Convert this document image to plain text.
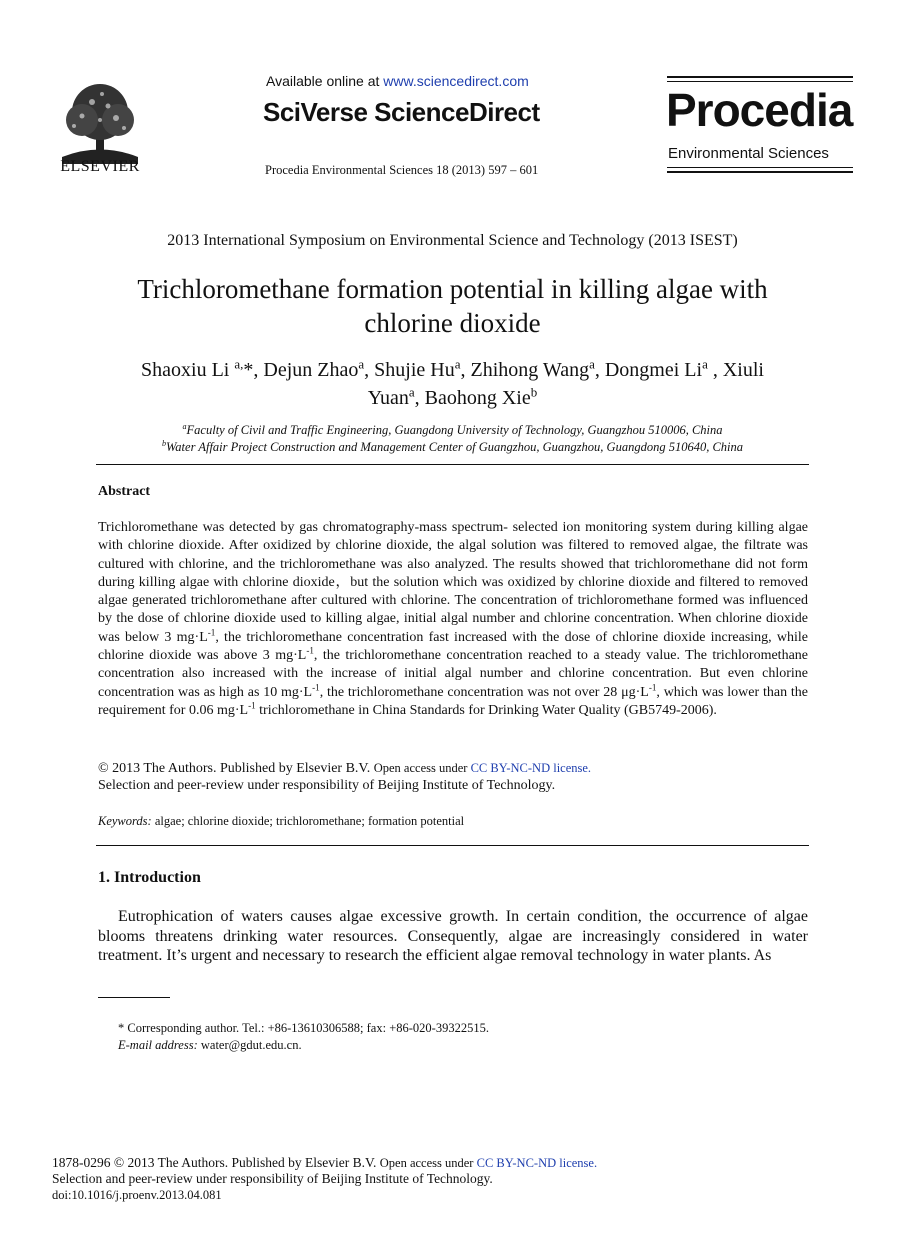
ELSEVIER
Available online at www.sciencedirect.com
SciVerse ScienceDirect
Procedia Environmental Sciences 18 (2013) 597 – 601
Procedia
Environmental Sciences
2013 International Symposium on Environmental Science and Technology (2013 ISEST)
Trichloromethane formation potential in killing algae with
chlorine dioxide
Shaoxiu Li $^{a,}$*, Dejun Zhao$^a$, Shujie Hu$^a$, Zhihong Wang$^a$, Dongmei Li$^a$ , Xiuli
Yuan$^a$, Baohong Xie$^b$
$^a$Faculty of Civil and Traffic Engineering, Guangdong University of Technology, Guangzhou 510006, China
$^b$Water Affair Project Construction and Management Center of Guangzhou, Guangzhou, Guangdong 510640, China
Abstract
Trichloromethane was detected by gas chromatography-mass spectrum- selected ion monitoring system during killing algae with chlorine dioxide. After oxidized by chlorine dioxide, the algal solution was filtered to removed algae, the filtrate was cultured with chlorine, and the trichloromethane was also analyzed. The results showed that trichloromethane did not form during killing algae with chlorine dioxide，but the solution which was oxidized by chlorine dioxide and filtered to removed algae generated trichloromethane after cultured with chlorine. The concentration of trichloromethane formed was influenced by the dose of chlorine dioxide used to killing algae, initial algal number and chlorine concentration. When chlorine dioxide was below 3 $mg\cdot L^{-1}$, the trichloromethane concentration fast increased with the dose of chlorine dioxide increasing, while chlorine dioxide was above 3 $mg\cdot L^{-1}$, the trichloromethane concentration reached to a steady value. The trichloromethane concentration also increased with the increase of initial algal number and chlorine concentration. But even chlorine concentration was as high as 10 $mg\cdot L^{-1}$, the trichloromethane concentration was not over 28 $\mu g\cdot L^{-1}$, which was lower than the requirement for 0.06 $mg\cdot L^{-1}$ trichloromethane in China Standards for Drinking Water Quality (GB5749-2006).
© 2013 The Authors. Published by Elsevier B.V. Open access under CC BY-NC-ND license.
Selection and peer-review under responsibility of Beijing Institute of Technology.
Keywords: algae; chlorine dioxide; trichloromethane; formation potential
1. Introduction
Eutrophication of waters causes algae excessive growth. In certain condition, the occurrence of algae blooms threatens drinking water resources. Consequently, algae are increasingly considered in water treatment. It’s urgent and necessary to research the efficient algae removal technology in water plants. As
* Corresponding author. Tel.: +86-13610306588; fax: +86-020-39322515.
E-mail address: water@gdut.edu.cn.
1878-0296 © 2013 The Authors. Published by Elsevier B.V. Open access under CC BY-NC-ND license.
Selection and peer-review under responsibility of Beijing Institute of Technology.
doi:10.1016/j.proenv.2013.04.081
